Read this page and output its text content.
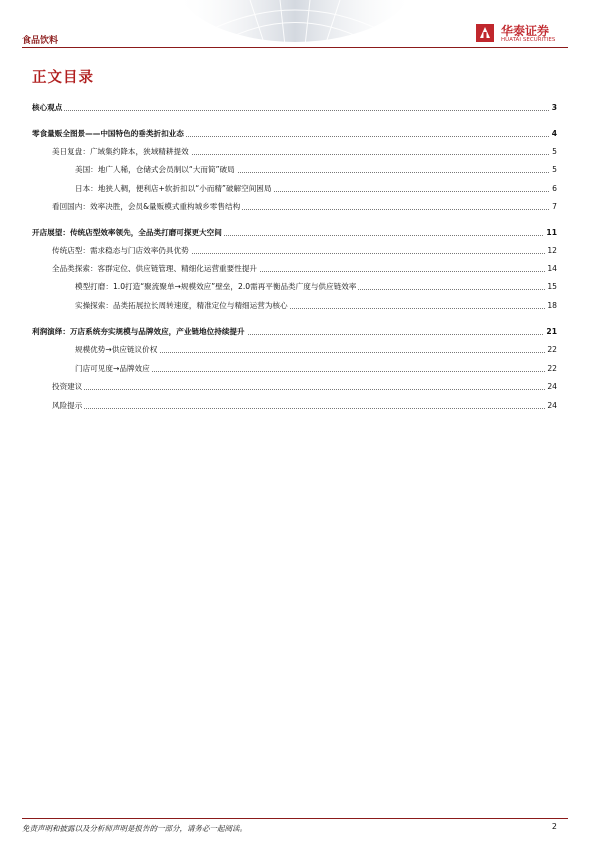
食品饮料
华泰证券
HUATAI SECURITIES
正文目录
核心观点	3
零食量贩全图景——中国特色的垂类折扣业态	4
美日复盘：广域集约降本，狭域精耕提效	5
美国：地广人稀，仓储式会员制以“大而简”破局	5
日本：地狭人稠，便利店+软折扣以“小而精”破解空间困局	6
看回国内：效率决胜，会员&量贩模式重构城乡零售结构	7
开店展望：传统店型效率领先，全品类打磨可探更大空间	11
传统店型：需求稳态与门店效率仍具优势	12
全品类探索：客群定位、供应链管理、精细化运营重要性提升	14
模型打磨：1.0打造“聚流聚单→规模效应”壁垒，2.0需再平衡品类广度与供应链效率	15
实操探索：品类拓展拉长周转速度，精准定位与精细运营为核心	18
利润演绎：万店系统夯实规模与品牌效应，产业链地位持续提升	21
规模优势→供应链议价权	22
门店可见度→品牌效应	22
投资建议	24
风险提示	24
免责声明和披露以及分析师声明是报告的一部分，请务必一起阅读。	2
